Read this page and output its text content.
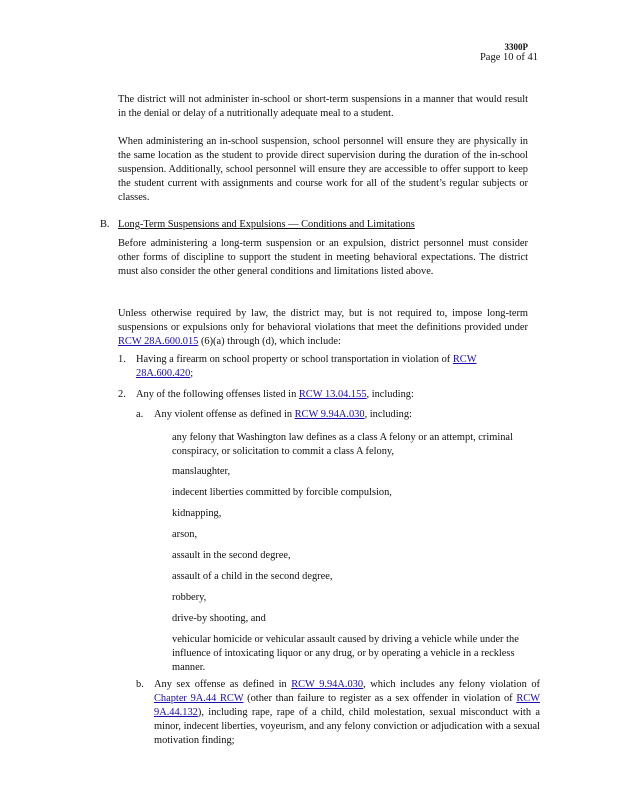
3300P
Page 10 of 41
The district will not administer in-school or short-term suspensions in a manner that would result in the denial or delay of a nutritionally adequate meal to a student.
When administering an in-school suspension, school personnel will ensure they are physically in the same location as the student to provide direct supervision during the duration of the in-school suspension. Additionally, school personnel will ensure they are accessible to offer support to keep the student current with assignments and course work for all of the student’s regular subjects or classes.
B. Long-Term Suspensions and Expulsions — Conditions and Limitations
Before administering a long-term suspension or an expulsion, district personnel must consider other forms of discipline to support the student in meeting behavioral expectations. The district must also consider the other general conditions and limitations listed above.
Unless otherwise required by law, the district may, but is not required to, impose long-term suspensions or expulsions only for behavioral violations that meet the definitions provided under RCW 28A.600.015 (6)(a) through (d), which include:
1. Having a firearm on school property or school transportation in violation of RCW 28A.600.420;
2. Any of the following offenses listed in RCW 13.04.155, including:
a. Any violent offense as defined in RCW 9.94A.030, including:
any felony that Washington law defines as a class A felony or an attempt, criminal conspiracy, or solicitation to commit a class A felony,
manslaughter,
indecent liberties committed by forcible compulsion,
kidnapping,
arson,
assault in the second degree,
assault of a child in the second degree,
robbery,
drive-by shooting, and
vehicular homicide or vehicular assault caused by driving a vehicle while under the influence of intoxicating liquor or any drug, or by operating a vehicle in a reckless manner.
b. Any sex offense as defined in RCW 9.94A.030, which includes any felony violation of Chapter 9A.44 RCW (other than failure to register as a sex offender in violation of RCW 9A.44.132), including rape, rape of a child, child molestation, sexual misconduct with a minor, indecent liberties, voyeurism, and any felony conviction or adjudication with a sexual motivation finding;
